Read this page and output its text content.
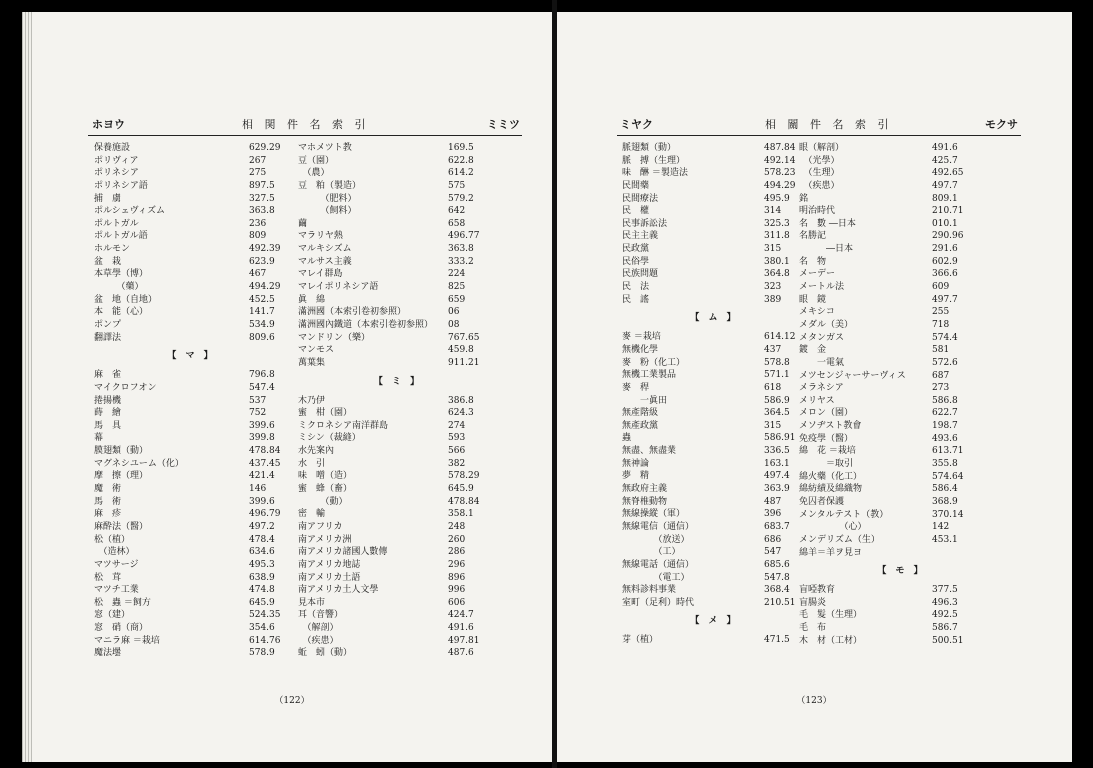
ホヨウ	相 関 件 名 索 引	ミミツ
保養施設	629.29
ポリヴィア	267
ポリネシア	275
ポリネシア語	897.5
捕　虜	327.5
ポルシェヴィズム	363.8
ポルトガル	236
ポルトガル語	809
ホルモン	492.39
盆　栽	623.9
本草學（博）	467
　　　（藥）	494.29
盆　地（自地）	452.5
本　能（心）	141.7
ポンプ	534.9
翻譯法	809.6
【 マ 】
麻　雀	796.8
マイクロフオン	547.4
捲揚機	537
蒔　繪	752
馬　具	399.6
幕	399.8
膜翅類（動）	478.84
マグネシユーム（化）	437.45
摩　擦（理）	421.4
魔　術	146
馬　術	399.6
麻　疹	496.79
麻酔法（醫）	497.2
松（植）	478.4
　（造林）	634.6
マツサージ	495.3
松　茸	638.9
マツチ工業	474.8
松　蟲 ＝飼方	645.9
窓（建）	524.35
窓　硝（商）	354.6
マニラ麻 ＝栽培	614.76
魔法壜	578.9
マホメツト教	169.5
豆（園）	622.8
　（農）	614.2
豆　粕（製造）	575
　　　（肥料）	579.2
　　　（飼料）	642
繭	658
マラリヤ熱	496.77
マルキシズム	363.8
マルサス主義	333.2
マレイ群島	224
マレイポリネシア語	825
眞　綿	659
滿洲國（本索引卷初参照）	06
滿洲國內鐵道（本索引卷初参照） 08
マンドリン（樂）	767.65
マンモス	459.8
萬葉集	911.21
【 ミ 】
木乃伊	386.8
蜜　柑（園）	624.3
ミクロネシア南洋群島	274
ミシン（裁縫）	593
水先案內	566
水　引	382
味　噌（造）	578.29
蜜　蜂（畜）	645.9
　　　（動）	478.84
密　輸	358.1
南アフリカ	248
南アメリカ洲	260
南アメリカ諸國人數傳	286
南アメリカ地誌	296
南アメリカ土語	896
南アメリカ土人文學	996
見本市	606
耳（音響）	424.7
　（解剖）	491.6
　（疾患）	497.81
蚯　蚓（動）	487.6
（122）
ミヤク	相 關 件 名 索 引	モクサ
脈翅類（動）	487.84
脈　搏（生理）	492.14
味　醂 ＝製造法	578.23
民間藥	494.29
民間療法	495.9
民　權	314
民事訴訟法	325.3
民主主義	311.8
民政黨	315
民俗學	380.1
民族問題	364.8
民　法	323
民　謠	389
【 ム 】
麥 ＝栽培	614.12
無機化學	437
麥　粉（化工）	578.8
無機工業製品	571.1
麥　稈	618
　　一眞田	586.9
無產階級	364.5
無產政黨	315
蟲	586.91
無盡、無盡業	336.5
無神論	163.1
夢　精	497.4
無政府主義	363.9
無脊椎動物	487
無線操縱（軍）	396
無線電信（通信）	683.7
　　　　（放送）	686
　　　　（工）	547
無線電話（通信）	685.6
　　　　（電工）	547.8
無料診料事業	368.4
室町（足利）時代	210.51
【 メ 】
芽（植）	471.5
眼（解剖）	491.6
　（光學）	425.7
　（生理）	492.65
　（疾患）	497.7
銘	809.1
明治時代	210.71
名　數 ―日本	010.1
名勝記	290.96
　　　―日本	291.6
名　物	602.9
メーデー	366.6
メートル法	609
眼　鏡	497.7
メキシコ	255
メダル（美）	718
メタンガス	574.4
鍍　金	581
　　一電氣	572.6
メツセンジャーサーヴィス	687
メラネシア	273
メリヤス	586.8
メロン（園）	622.7
メソヂスト教會	198.7
免疫學（醫）	493.6
綿　花 ＝栽培	613.71
　　　＝取引	355.8
綿火藥（化工）	574.64
綿紡績及綿織物	586.4
免囚者保護	368.9
メンタルテスト（教）	370.14
　　　　　（心）	142
メンデリズム（生）	453.1
綿羊＝羊ヲ見ヨ
【 モ 】
盲啞教育	377.5
盲腸炎	496.3
毛　髮（生理）	492.5
毛　布	586.7
木　材（工材）	500.51
（123）
